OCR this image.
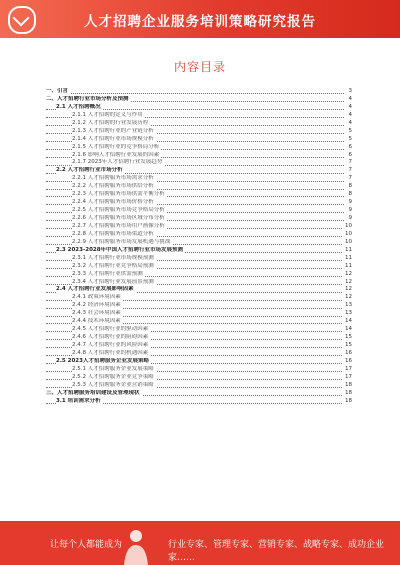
人才招聘企业服务培训策略研究报告
内容目录
一、引言	3
二、人才招聘行业市场分析及预测	4
2.1 人才招聘概况	4
2.1.1 人才招聘的定义与作用	4
2.1.2 人才招聘的行业发展历程	4
2.1.3 人才招聘行业的产业链分析	5
2.1.4 人才招聘行业市场规模分析	5
2.1.5 人才招聘行业的竞争格局分析	6
2.1.6 影响人才招聘行业发展的因素	6
2.1.7 2023年人才招聘行业发展趋势	7
2.2 人才招聘行业市场分析	7
2.2.1 人才招聘服务市场需求分析	7
2.2.2 人才招聘服务市场供给分析	8
2.2.3 人才招聘服务市场供需平衡分析	8
2.2.4 人才招聘服务市场价格分析	9
2.2.5 人才招聘服务市场竞争格局分析	9
2.2.6 人才招聘服务市场区域分布分析	9
2.2.7 人才招聘服务市场用户画像分析	10
2.2.8 人才招聘服务市场渠道分析	10
2.2.9 人才招聘服务市场发展机遇与挑战	10
2.3 2023-2028年中国人才招聘行业市场发展预测	11
2.3.1 人才招聘行业市场规模预测	11
2.3.2 人才招聘行业竞争格局预测	11
2.3.3 人才招聘行业供需预测	12
2.3.4 人才招聘行业发展前景预测	12
2.4 人才招聘行业发展影响因素	12
2.4.1 政策环境因素	12
2.4.2 经济环境因素	13
2.4.3 社会环境因素	13
2.4.4 技术环境因素	14
2.4.5 人才招聘行业的驱动因素	14
2.4.6 人才招聘行业的阻碍因素	15
2.4.7 人才招聘行业的风险因素	15
2.4.8 人才招聘行业的机遇因素	16
2.5 2023人才招聘服务企业发展策略	16
2.5.1 人才招聘服务企业发展策略	17
2.5.2 人才招聘服务企业竞争策略	17
2.5.3 人才招聘服务企业营销策略	18
三、人才招聘服务培训建设及管理现状	18
3.1 培训需求分析	18
让每个人都能成为	行业专家、管理专家、营销专家、战略专家、成功企业家……
